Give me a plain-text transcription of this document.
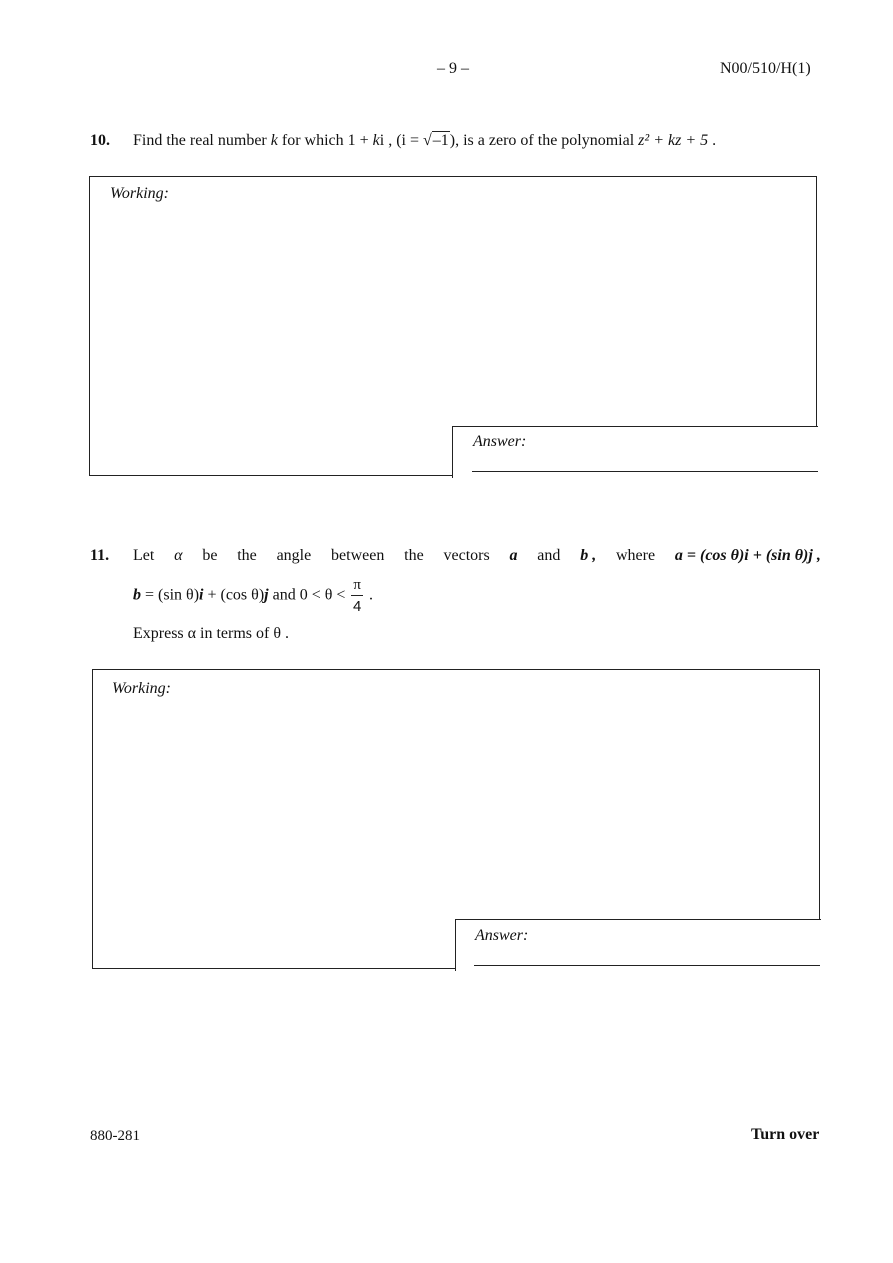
– 9 –	N00/510/H(1)
10. Find the real number k for which 1 + ki , (i = √–1), is a zero of the polynomial z² + kz + 5 .
Working:
Answer:
11. Let α be the angle between the vectors a and b , where a = (cos θ)i + (sin θ)j ,
b = (sin θ)i + (cos θ)j and $0 < \theta < \frac{\pi}{4}$ .
Express α in terms of θ .
Working:
Answer:
880-281	Turn over
